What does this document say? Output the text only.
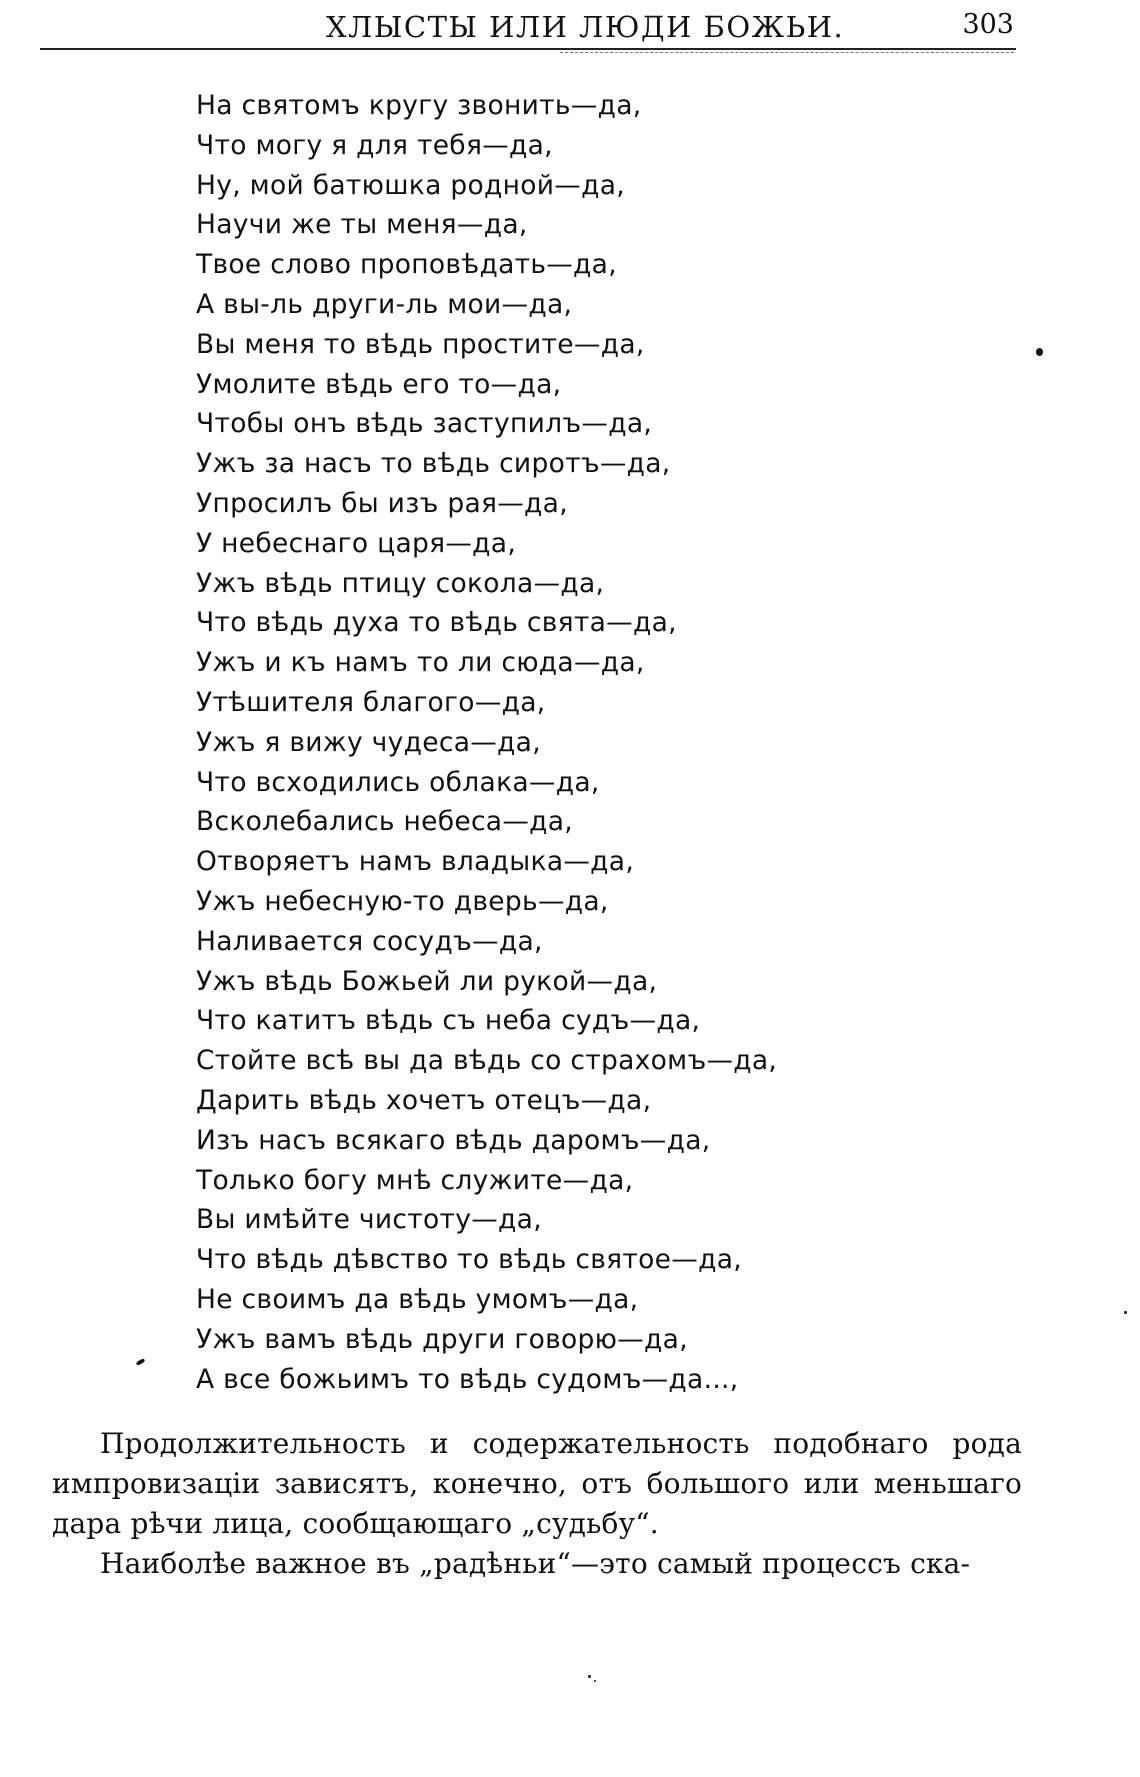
ХЛЫСТЫ ИЛИ ЛЮДИ БОЖЬИ.	303
На святомъ кругу звонить—да,
Что могу я для тебя—да,
Ну, мой батюшка родной—да,
Научи же ты меня—да,
Твое слово проповѣдать—да,
А вы-ль други-ль мои—да,
Вы меня то вѣдь простите—да,
Умолите вѣдь его то—да,
Чтобы онъ вѣдь заступилъ—да,
Ужъ за насъ то вѣдь сиротъ—да,
Упросилъ бы изъ рая—да,
У небеснаго царя—да,
Ужъ вѣдь птицу сокола—да,
Что вѣдь духа то вѣдь свята—да,
Ужъ и къ намъ то ли сюда—да,
Утѣшителя благого—да,
Ужъ я вижу чудеса—да,
Что всходились облака—да,
Всколебались небеса—да,
Отворяетъ намъ владыка—да,
Ужъ небесную-то дверь—да,
Наливается сосудъ—да,
Ужъ вѣдь Божьей ли рукой—да,
Что катитъ вѣдь съ неба судъ—да,
Стойте всѣ вы да вѣдь со страхомъ—да,
Дарить вѣдь хочетъ отецъ—да,
Изъ насъ всякаго вѣдь даромъ—да,
Только богу мнѣ служите—да,
Вы имѣйте чистоту—да,
Что вѣдь дѣвство то вѣдь святое—да,
Не своимъ да вѣдь умомъ—да,
Ужъ вамъ вѣдь други говорю—да,
А все божьимъ то вѣдь судомъ—да...,

Продолжительность и содержательность подобнаго рода импровизаціи зависятъ, конечно, отъ большого или меньшаго дара рѣчи лица, сообщающаго „судьбу“.

Наиболѣе важное въ „радѣньи“—это самый процессъ ска-
